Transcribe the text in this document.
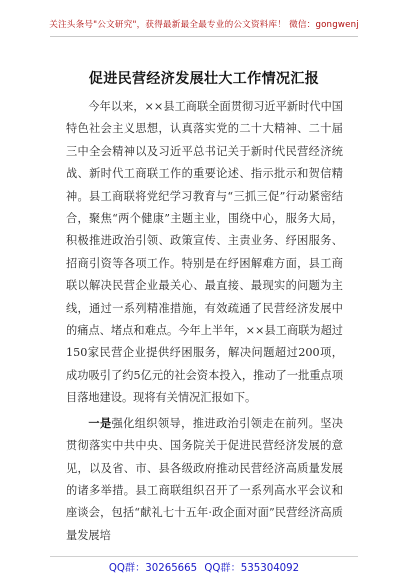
关注头条号"公文研究"，获得最新最全最专业的公文资料库！ 微信：gongwenj
促进民营经济发展壮大工作情况汇报

今年以来，××县工商联全面贯彻习近平新时代中国特色社会主义思想，认真落实党的二十大精神、二十届三中全会精神以及习近平总书记关于新时代民营经济统战、新时代工商联工作的重要论述、指示批示和贺信精神。县工商联将党纪学习教育与“三抓三促”行动紧密结合，聚焦“两个健康”主题主业，围绕中心，服务大局，积极推进政治引领、政策宣传、主责业务、纾困服务、招商引资等各项工作。特别是在纾困解难方面，县工商联以解决民营企业最关心、最直接、最现实的问题为主线，通过一系列精准措施，有效疏通了民营经济发展中的痛点、堵点和难点。今年上半年，××县工商联为超过150家民营企业提供纾困服务，解决问题超过200项，成功吸引了约5亿元的社会资本投入，推动了一批重点项目落地建设。现将有关情况汇报如下。

一是强化组织领导，推进政治引领走在前列。坚决贯彻落实中共中央、国务院关于促进民营经济发展的意见，以及省、市、县各级政府推动民营经济高质量发展的诸多举措。县工商联组织召开了一系列高水平会议和座谈会，包括“献礼七十五年·政企面对面”民营经济高质量发展培

QQ群：30265665 QQ群：535304092
